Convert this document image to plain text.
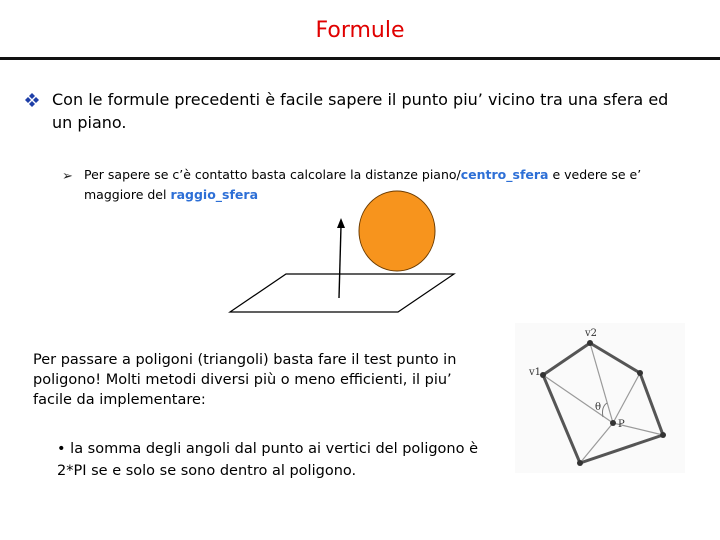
Formule
Con le formule precedenti è facile sapere il punto piu’ vicino tra una sfera ed un piano.
➢ Per sapere se c’è contatto basta calcolare la distanze piano/centro_sfera e vedere se e’ maggiore del raggio_sfera
Per passare a poligoni (triangoli) basta fare il test punto in poligono! Molti metodi diversi più o meno efficienti, il piu’ facile da implementare:
• la somma degli angoli dal punto ai vertici del poligono è 2*PI se e solo se sono dentro al poligono.
v1
v2
θ
P
